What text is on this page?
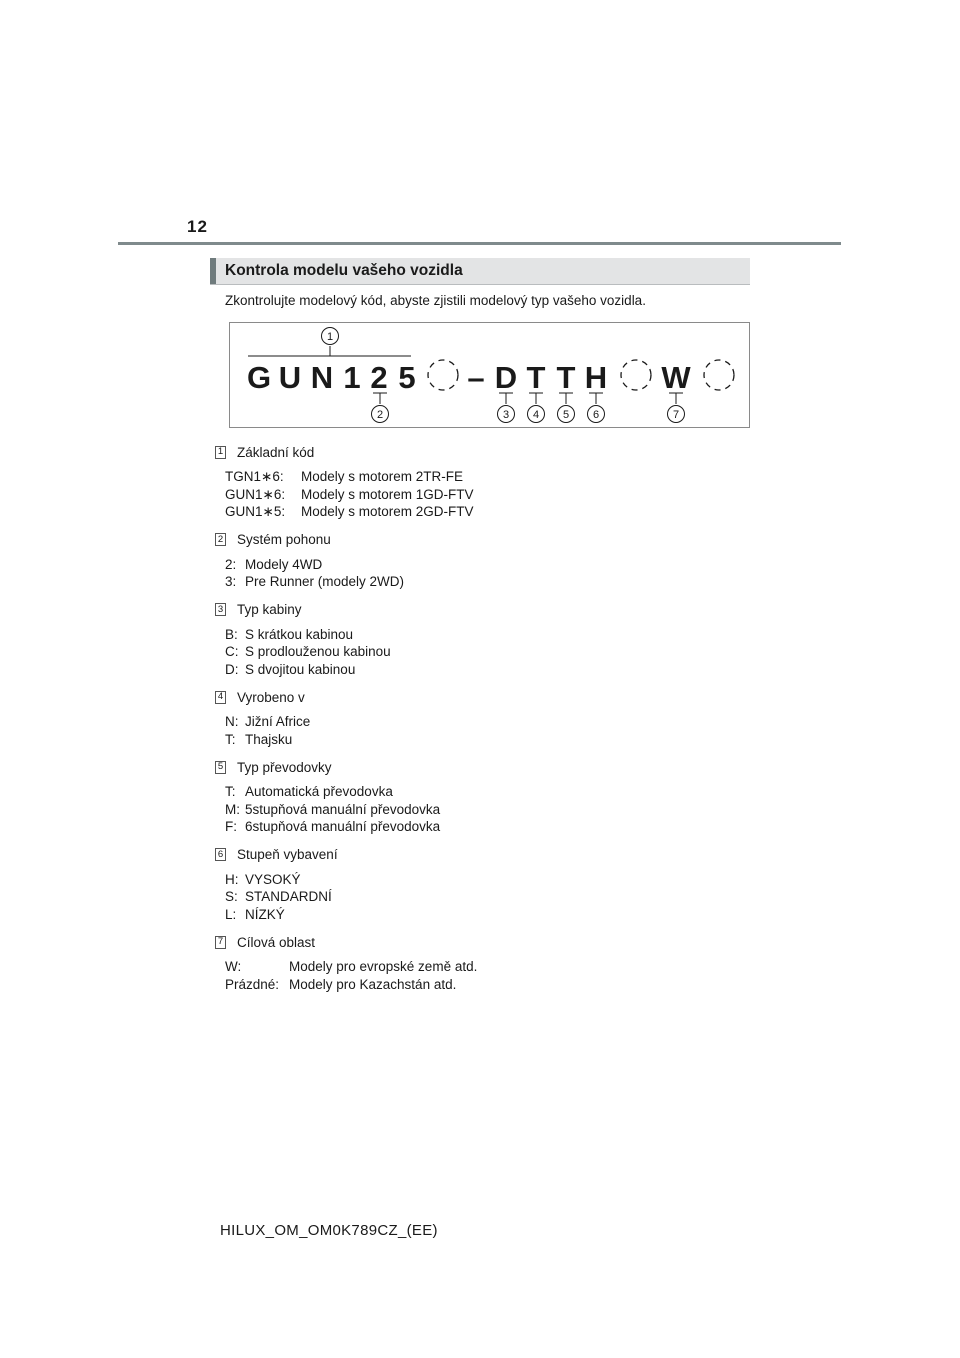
12
Kontrola modelu vašeho vozidla
Zkontrolujte modelový kód, abyste zjistili modelový typ vašeho vozidla.
1
G U N 1 2 5 – D T T H W
2	3 4 5 6	7
1 Základní kód
TGN1∗6:	Modely s motorem 2TR-FE
GUN1∗6:	Modely s motorem 1GD-FTV
GUN1∗5:	Modely s motorem 2GD-FTV
2 Systém pohonu
2: Modely 4WD
3: Pre Runner (modely 2WD)
3 Typ kabiny
B: S krátkou kabinou
C: S prodlouženou kabinou
D: S dvojitou kabinou
4 Vyrobeno v
N: Jižní Africe
T: Thajsku
5 Typ převodovky
T: Automatická převodovka
M: 5stupňová manuální převodovka
F: 6stupňová manuální převodovka
6 Stupeň vybavení
H: VYSOKÝ
S: STANDARDNÍ
L: NÍZKÝ
7 Cílová oblast
W:	Modely pro evropské země atd.
Prázdné: Modely pro Kazachstán atd.
HILUX_OM_OM0K789CZ_(EE)
